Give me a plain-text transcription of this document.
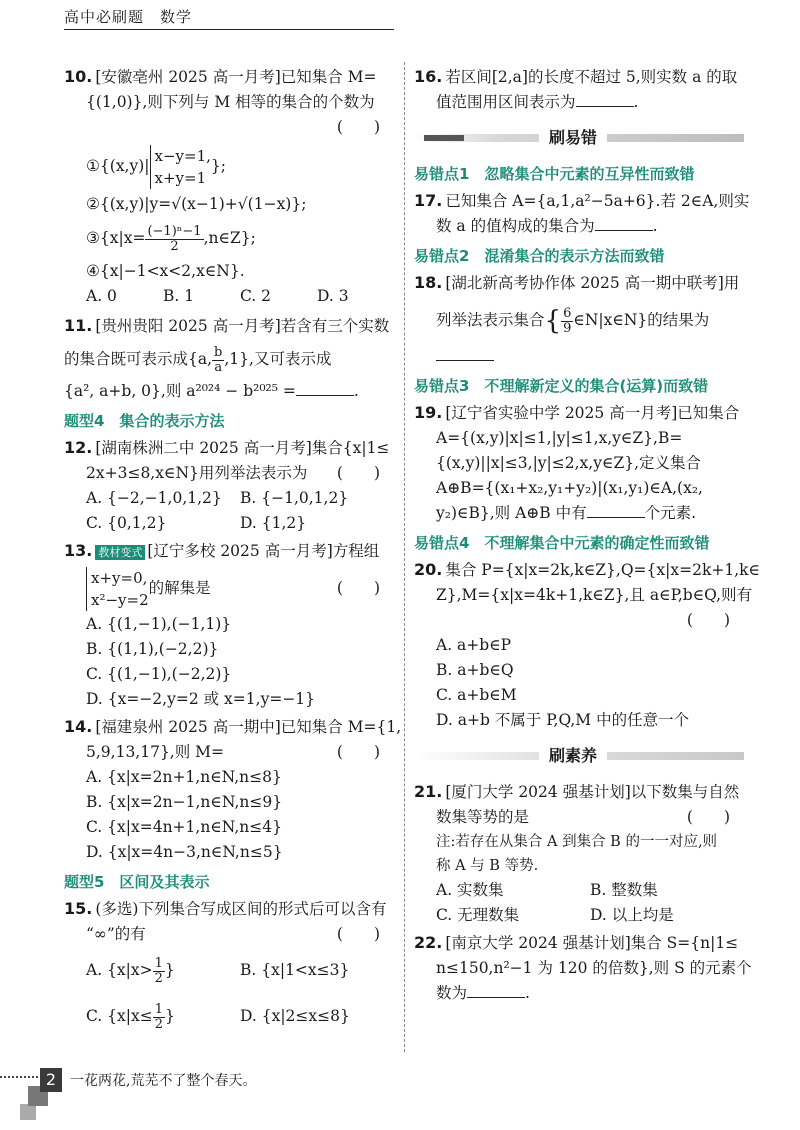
高中必刷题　数学
10. [安徽亳州 2025 高一月考]已知集合 M=
{(1,0)},则下列与 M 相等的集合的个数为
(　　)

①{(x,y)|
x−y=1,
x+y=1
};
②{(x,y)|y=√(x−1)+√(1−x)};
③{x|x= $\frac{\text{(−1)ⁿ−1}}{2}$ ,n∈Z};
④{x|−1<x<2,x∈N}.
A. 0	B. 1	C. 2	D. 3
11. [贵州贵阳 2025 高一月考]若含有三个实数
的集合既可表示成{a, $\frac{b}{a} ,1$},又可表示成
{a², a+b, 0},则 a²⁰²⁴ − b²⁰²⁵ =	.
题型4　集合的表示方法
12. [湖南株洲二中 2025 高一月考]集合{x|1≤
2x+3≤8,x∈N}用列举法表示为 (　　)
A. {−2,−1,0,1,2}	B. {−1,0,1,2}
C. {0,1,2}	D. {1,2}
13. 教材变式 [辽宁多校 2025 高一月考]方程组
x+y=0,
x²−y=2
的解集是	(　　)
A. {(1,−1),(−1,1)}
B. {(1,1),(−2,2)}
C. {(1,−1),(−2,2)}
D. {x=−2,y=2 或 x=1,y=−1}
14. [福建泉州 2025 高一期中]已知集合 M={1,
5,9,13,17},则 M=	(　　)
A. {x|x=2n+1,n∈N,n≤8}
B. {x|x=2n−1,n∈N,n≤9}
C. {x|x=4n+1,n∈N,n≤4}
D. {x|x=4n−3,n∈N,n≤5}
题型5　区间及其表示
15. (多选)下列集合写成区间的形式后可以含有
“∞”的有	(　　)
A. {$x|x> \frac{1}{2}$ }	B. {x|1<x≤3}
C. {$x|x\le \frac{1}{2}$ }	D. {x|2≤x≤8}
16. 若区间[2,a]的长度不超过 5,则实数 a 的取
值范围用区间表示为	.
刷易错
易错点1　忽略集合中元素的互异性而致错
17. 已知集合 A={a,1,a²−5a+6}.若 2∈A,则实
数 a 的值构成的集合为	.
易错点2　混淆集合的表示方法而致错
18. [湖北新高考协作体 2025 高一期中联考]用
列举法表示集合{ $\frac{6}{9}$ ∈N|x∈N}的结果为
易错点3　不理解新定义的集合(运算)而致错
19. [辽宁省实验中学 2025 高一月考]已知集合
A={(x,y)|x|≤1,|y|≤1,x,y∈Z},B=
{(x,y)||x|≤3,|y|≤2,x,y∈Z},定义集合
A⊕B={(x₁+x₂,y₁+y₂)|(x₁,y₁)∈A,(x₂,
y₂)∈B},则 A⊕B 中有	个元素.
易错点4　不理解集合中元素的确定性而致错
20. 集合 P={x|x=2k,k∈Z},Q={x|x=2k+1,k∈
Z},M={x|x=4k+1,k∈Z},且 a∈P,b∈Q,则有
(　　)

A. a+b∈P
B. a+b∈Q
C. a+b∈M
D. a+b 不属于 P,Q,M 中的任意一个
刷素养
21. [厦门大学 2024 强基计划]以下数集与自然
数集等势的是	(　　)
注:若存在从集合 A 到集合 B 的一一对应,则
称 A 与 B 等势.
A. 实数集	B. 整数集
C. 无理数集	D. 以上均是
22. [南京大学 2024 强基计划]集合 S={n|1≤
n≤150,n²−1 为 120 的倍数},则 S 的元素个
数为	.
2 一花两花,荒芜不了整个春天。
